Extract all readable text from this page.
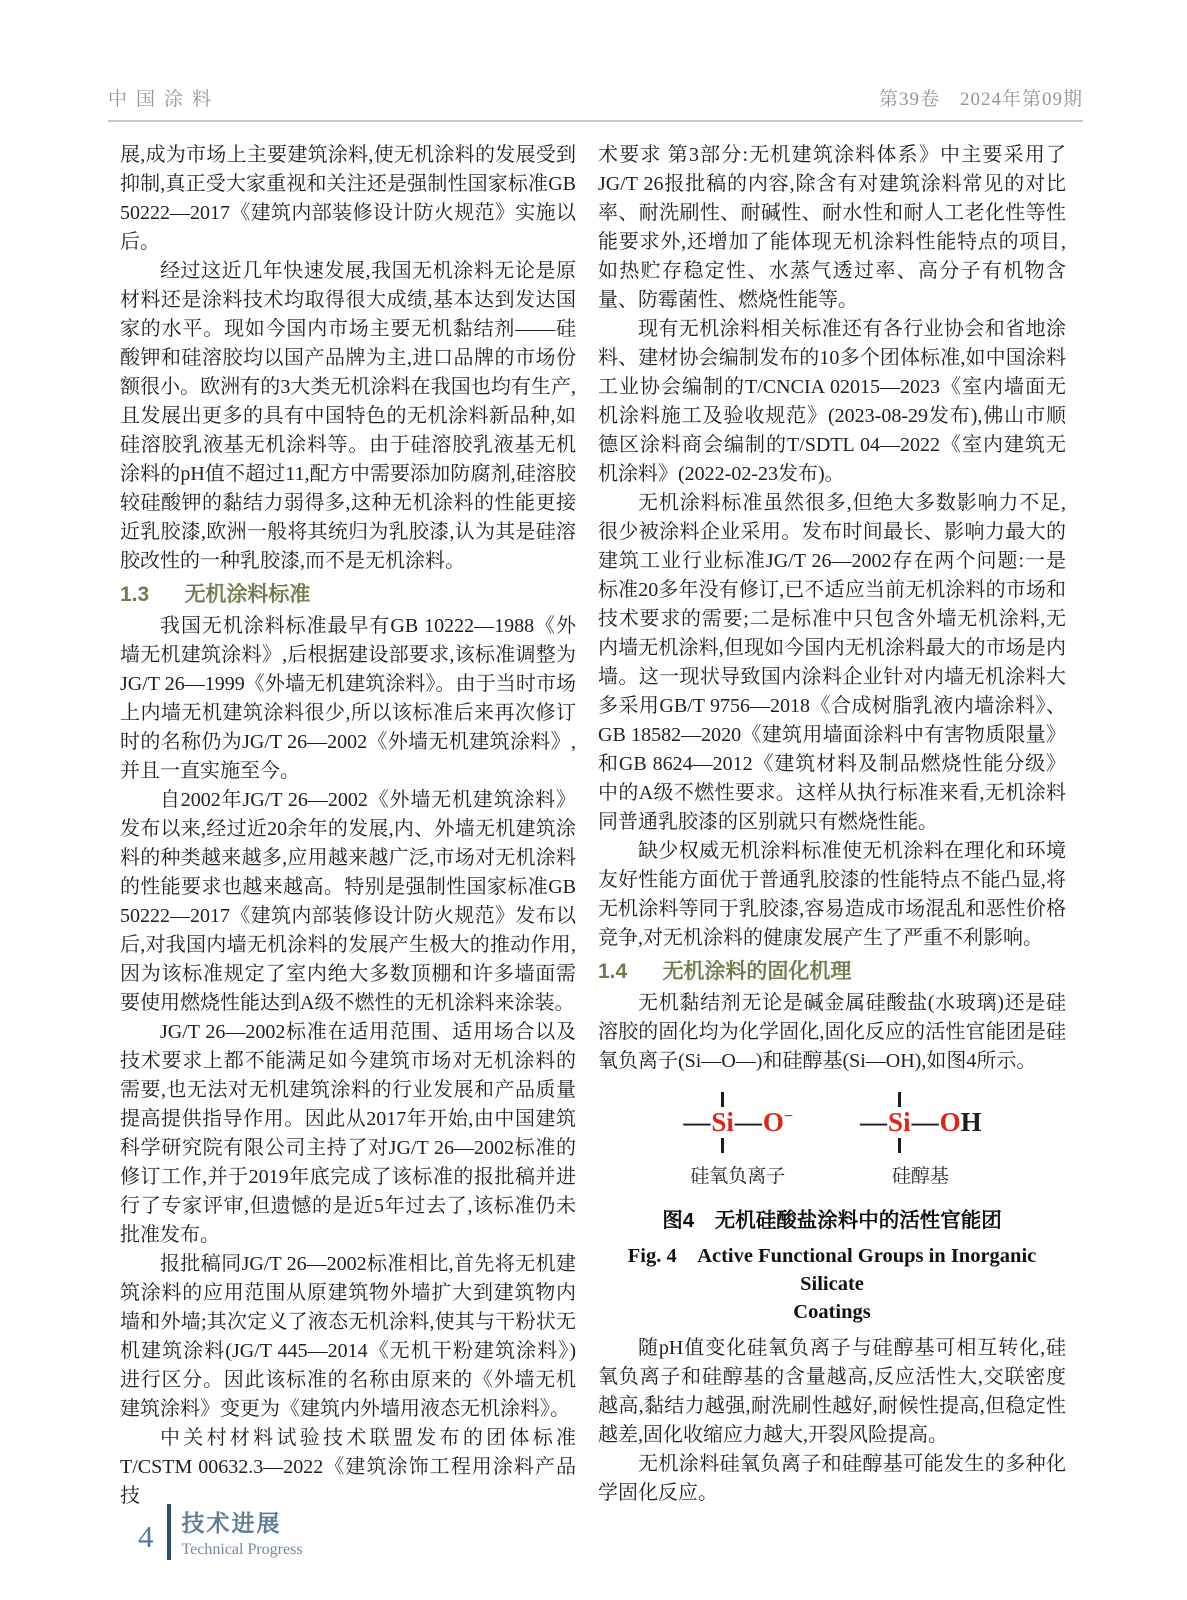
中国涂料	第39卷　2024年第09期

展,成为市场上主要建筑涂料,使无机涂料的发展受到抑制,真正受大家重视和关注还是强制性国家标准GB 50222—2017《建筑内部装修设计防火规范》实施以后。

经过这近几年快速发展,我国无机涂料无论是原材料还是涂料技术均取得很大成绩,基本达到发达国家的水平。现如今国内市场主要无机黏结剂——硅酸钾和硅溶胶均以国产品牌为主,进口品牌的市场份额很小。欧洲有的3大类无机涂料在我国也均有生产,且发展出更多的具有中国特色的无机涂料新品种,如硅溶胶乳液基无机涂料等。由于硅溶胶乳液基无机涂料的pH值不超过11,配方中需要添加防腐剂,硅溶胶较硅酸钾的黏结力弱得多,这种无机涂料的性能更接近乳胶漆,欧洲一般将其统归为乳胶漆,认为其是硅溶胶改性的一种乳胶漆,而不是无机涂料。

1.3 无机涂料标准

我国无机涂料标准最早有GB 10222—1988《外墙无机建筑涂料》,后根据建设部要求,该标准调整为JG/T 26—1999《外墙无机建筑涂料》。由于当时市场上内墙无机建筑涂料很少,所以该标准后来再次修订时的名称仍为JG/T 26—2002《外墙无机建筑涂料》,并且一直实施至今。

自2002年JG/T 26—2002《外墙无机建筑涂料》发布以来,经过近20余年的发展,内、外墙无机建筑涂料的种类越来越多,应用越来越广泛,市场对无机涂料的性能要求也越来越高。特别是强制性国家标准GB 50222—2017《建筑内部装修设计防火规范》发布以后,对我国内墙无机涂料的发展产生极大的推动作用,因为该标准规定了室内绝大多数顶棚和许多墙面需要使用燃烧性能达到A级不燃性的无机涂料来涂装。

JG/T 26—2002标准在适用范围、适用场合以及技术要求上都不能满足如今建筑市场对无机涂料的需要,也无法对无机建筑涂料的行业发展和产品质量提高提供指导作用。因此从2017年开始,由中国建筑科学研究院有限公司主持了对JG/T 26—2002标准的修订工作,并于2019年底完成了该标准的报批稿并进行了专家评审,但遗憾的是近5年过去了,该标准仍未批准发布。

报批稿同JG/T 26—2002标准相比,首先将无机建筑涂料的应用范围从原建筑物外墙扩大到建筑物内墙和外墙;其次定义了液态无机涂料,使其与干粉状无机建筑涂料(JG/T 445—2014《无机干粉建筑涂料》)进行区分。因此该标准的名称由原来的《外墙无机建筑涂料》变更为《建筑内外墙用液态无机涂料》。

中关村材料试验技术联盟发布的团体标准T/CSTM 00632.3—2022《建筑涂饰工程用涂料产品技

术要求 第3部分:无机建筑涂料体系》中主要采用了JG/T 26报批稿的内容,除含有对建筑涂料常见的对比率、耐洗刷性、耐碱性、耐水性和耐人工老化性等性能要求外,还增加了能体现无机涂料性能特点的项目,如热贮存稳定性、水蒸气透过率、高分子有机物含量、防霉菌性、燃烧性能等。

现有无机涂料相关标准还有各行业协会和省地涂料、建材协会编制发布的10多个团体标准,如中国涂料工业协会编制的T/CNCIA 02015—2023《室内墙面无机涂料施工及验收规范》(2023-08-29发布),佛山市顺德区涂料商会编制的T/SDTL 04—2022《室内建筑无机涂料》(2022-02-23发布)。

无机涂料标准虽然很多,但绝大多数影响力不足,很少被涂料企业采用。发布时间最长、影响力最大的建筑工业行业标准JG/T 26—2002存在两个问题:一是标准20多年没有修订,已不适应当前无机涂料的市场和技术要求的需要;二是标准中只包含外墙无机涂料,无内墙无机涂料,但现如今国内无机涂料最大的市场是内墙。这一现状导致国内涂料企业针对内墙无机涂料大多采用GB/T 9756—2018《合成树脂乳液内墙涂料》、GB 18582—2020《建筑用墙面涂料中有害物质限量》和GB 8624—2012《建筑材料及制品燃烧性能分级》中的A级不燃性要求。这样从执行标准来看,无机涂料同普通乳胶漆的区别就只有燃烧性能。

缺少权威无机涂料标准使无机涂料在理化和环境友好性能方面优于普通乳胶漆的性能特点不能凸显,将无机涂料等同于乳胶漆,容易造成市场混乱和恶性价格竞争,对无机涂料的健康发展产生了严重不利影响。

1.4 无机涂料的固化机理

无机黏结剂无论是碱金属硅酸盐(水玻璃)还是硅溶胶的固化均为化学固化,固化反应的活性官能团是硅氧负离子(Si—O—)和硅醇基(Si—OH),如图4所示。

— Si — O−
硅氧负离子
— Si — OH
硅醇基
图4 无机硅酸盐涂料中的活性官能团
Fig. 4　Active Functional Groups in Inorganic Silicate
Coatings

随pH值变化硅氧负离子与硅醇基可相互转化,硅氧负离子和硅醇基的含量越高,反应活性大,交联密度越高,黏结力越强,耐洗刷性越好,耐候性提高,但稳定性越差,固化收缩应力越大,开裂风险提高。

无机涂料硅氧负离子和硅醇基可能发生的多种化学固化反应。

4 技术进展
Technical Progress
